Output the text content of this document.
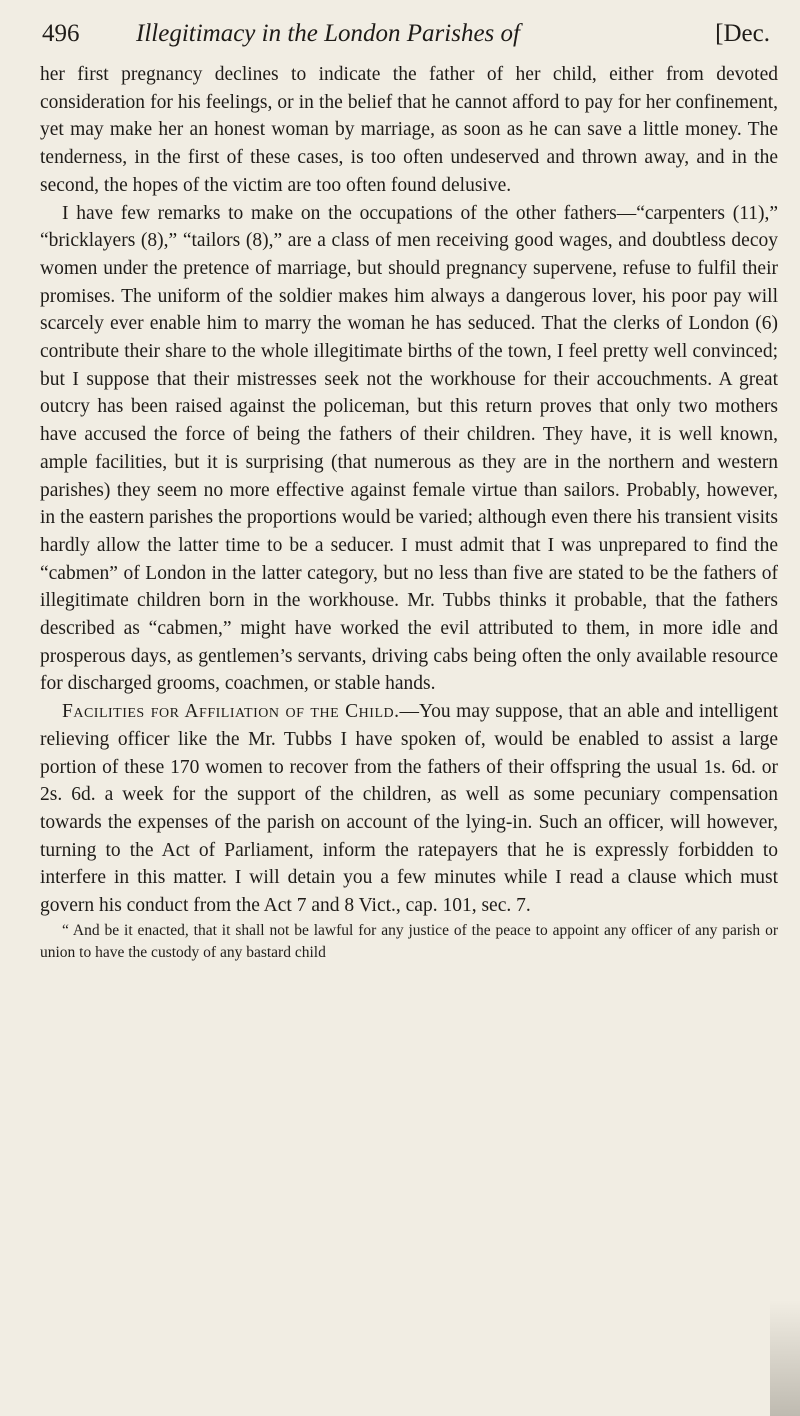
496 Illegitimacy in the London Parishes of	[Dec.

her first pregnancy declines to indicate the father of her child, either from devoted consideration for his feelings, or in the belief that he cannot afford to pay for her confinement, yet may make her an honest woman by marriage, as soon as he can save a little money. The tenderness, in the first of these cases, is too often undeserved and thrown away, and in the second, the hopes of the victim are too often found delusive.

I have few remarks to make on the occupations of the other fathers—“carpenters (11),” “bricklayers (8),” “tailors (8),” are a class of men receiving good wages, and doubtless decoy women under the pretence of marriage, but should pregnancy supervene, refuse to fulfil their promises. The uniform of the soldier makes him always a dangerous lover, his poor pay will scarcely ever enable him to marry the woman he has seduced. That the clerks of London (6) contribute their share to the whole illegitimate births of the town, I feel pretty well convinced; but I suppose that their mistresses seek not the workhouse for their accouchments. A great outcry has been raised against the policeman, but this return proves that only two mothers have accused the force of being the fathers of their children. They have, it is well known, ample facilities, but it is surprising (that numerous as they are in the northern and western parishes) they seem no more effective against female virtue than sailors. Probably, however, in the eastern parishes the proportions would be varied; although even there his transient visits hardly allow the latter time to be a seducer. I must admit that I was unprepared to find the “cabmen” of London in the latter category, but no less than five are stated to be the fathers of illegitimate children born in the workhouse. Mr. Tubbs thinks it probable, that the fathers described as “cabmen,” might have worked the evil attributed to them, in more idle and prosperous days, as gentlemen’s servants, driving cabs being often the only available resource for discharged grooms, coachmen, or stable hands.

Facilities for Affiliation of the Child.—You may suppose, that an able and intelligent relieving officer like the Mr. Tubbs I have spoken of, would be enabled to assist a large portion of these 170 women to recover from the fathers of their offspring the usual 1s. 6d. or 2s. 6d. a week for the support of the children, as well as some pecuniary compensation towards the expenses of the parish on account of the lying-in. Such an officer, will however, turning to the Act of Parliament, inform the ratepayers that he is expressly forbidden to interfere in this matter. I will detain you a few minutes while I read a clause which must govern his conduct from the Act 7 and 8 Vict., cap. 101, sec. 7.

“ And be it enacted, that it shall not be lawful for any justice of the peace to appoint any officer of any parish or union to have the custody of any bastard child
